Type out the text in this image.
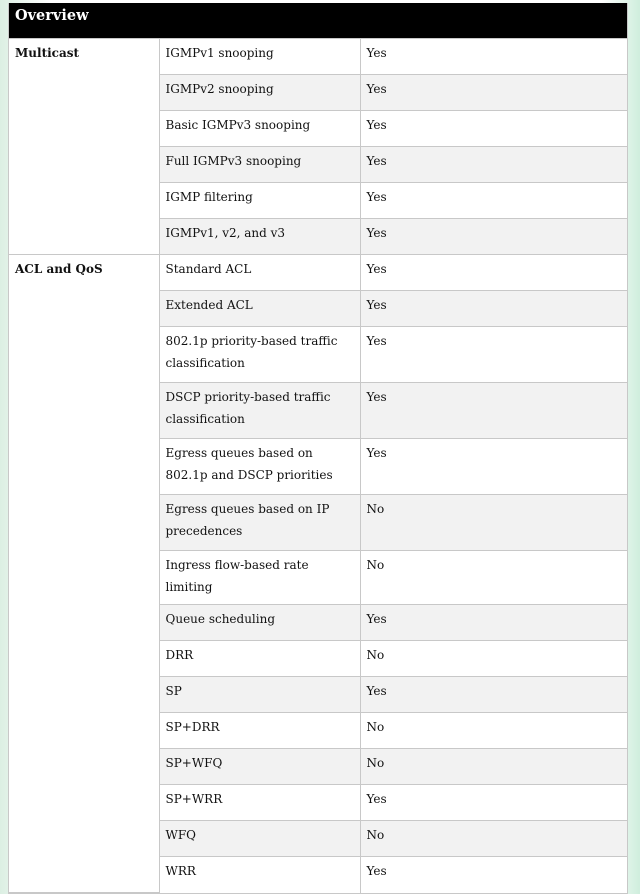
Overview
Multicast	IGMPv1 snooping	Yes
	IGMPv2 snooping	Yes
	Basic IGMPv3 snooping	Yes
	Full IGMPv3 snooping	Yes
	IGMP filtering	Yes
	IGMPv1, v2, and v3	Yes
ACL and QoS	Standard ACL	Yes
	Extended ACL	Yes
	802.1p priority-based traffic classification	Yes
	DSCP priority-based traffic classification	Yes
	Egress queues based on 802.1p and DSCP priorities	Yes
	Egress queues based on IP precedences	No
	Ingress flow-based rate limiting	No
	Queue scheduling	Yes
	DRR	No
	SP	Yes
	SP+DRR	No
	SP+WFQ	No
	SP+WRR	Yes
	WFQ	No
	WRR	Yes
